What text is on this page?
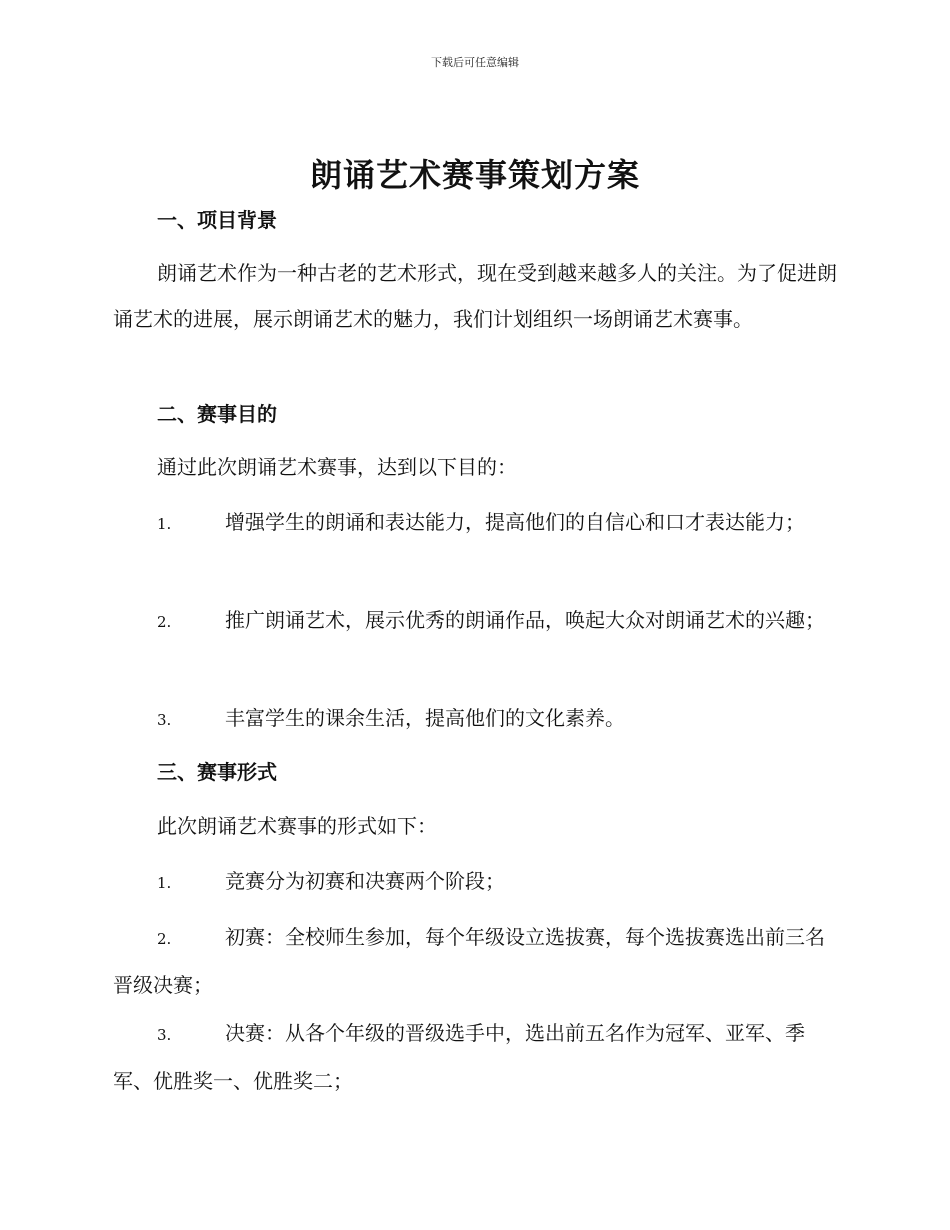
下载后可任意编辑
朗诵艺术赛事策划方案
一、项目背景

朗诵艺术作为一种古老的艺术形式，现在受到越来越多人的关注。为了促进朗诵艺术的进展，展示朗诵艺术的魅力，我们计划组织一场朗诵艺术赛事。

二、赛事目的

通过此次朗诵艺术赛事，达到以下目的：

1.	增强学生的朗诵和表达能力，提高他们的自信心和口才表达能力；

2.	推广朗诵艺术，展示优秀的朗诵作品，唤起大众对朗诵艺术的兴趣；

3.	丰富学生的课余生活，提高他们的文化素养。

三、赛事形式

此次朗诵艺术赛事的形式如下：

1.	竞赛分为初赛和决赛两个阶段；

2.	初赛：全校师生参加，每个年级设立选拔赛，每个选拔赛选出前三名晋级决赛；

3.	决赛：从各个年级的晋级选手中，选出前五名作为冠军、亚军、季军、优胜奖一、优胜奖二；
